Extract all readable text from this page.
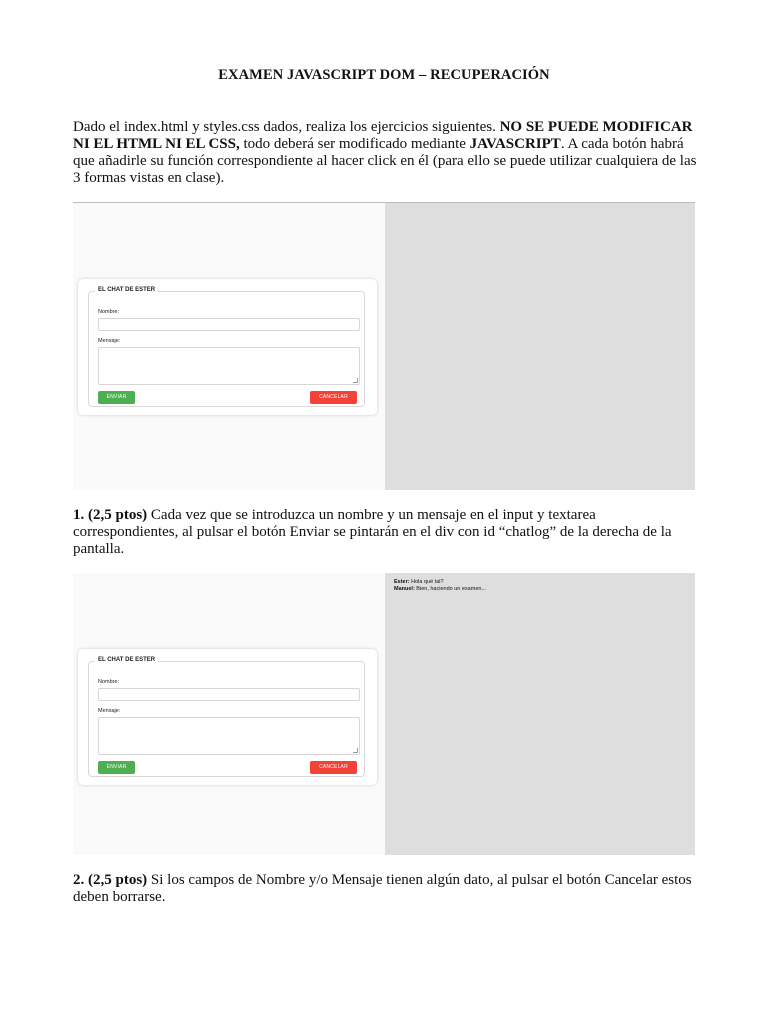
EXAMEN JAVASCRIPT DOM – RECUPERACIÓN
Dado el index.html y styles.css dados, realiza los ejercicios siguientes. NO SE PUEDE MODIFICAR NI EL HTML NI EL CSS, todo deberá ser modificado mediante JAVASCRIPT. A cada botón habrá que añadirle su función correspondiente al hacer click en él (para ello se puede utilizar cualquiera de las 3 formas vistas en clase).
EL CHAT DE ESTER
Nombre:
Mensaje:
ENVIAR	CANCELAR
1. (2,5 ptos) Cada vez que se introduzca un nombre y un mensaje en el input y textarea correspondientes, al pulsar el botón Enviar se pintarán en el div con id “chatlog” de la derecha de la pantalla.
EL CHAT DE ESTER
Nombre:
Mensaje:
ENVIAR	CANCELAR
Ester: Hola qué tal?
Manuel: Bien, haciendo un examen...
2. (2,5 ptos) Si los campos de Nombre y/o Mensaje tienen algún dato, al pulsar el botón Cancelar estos deben borrarse.
